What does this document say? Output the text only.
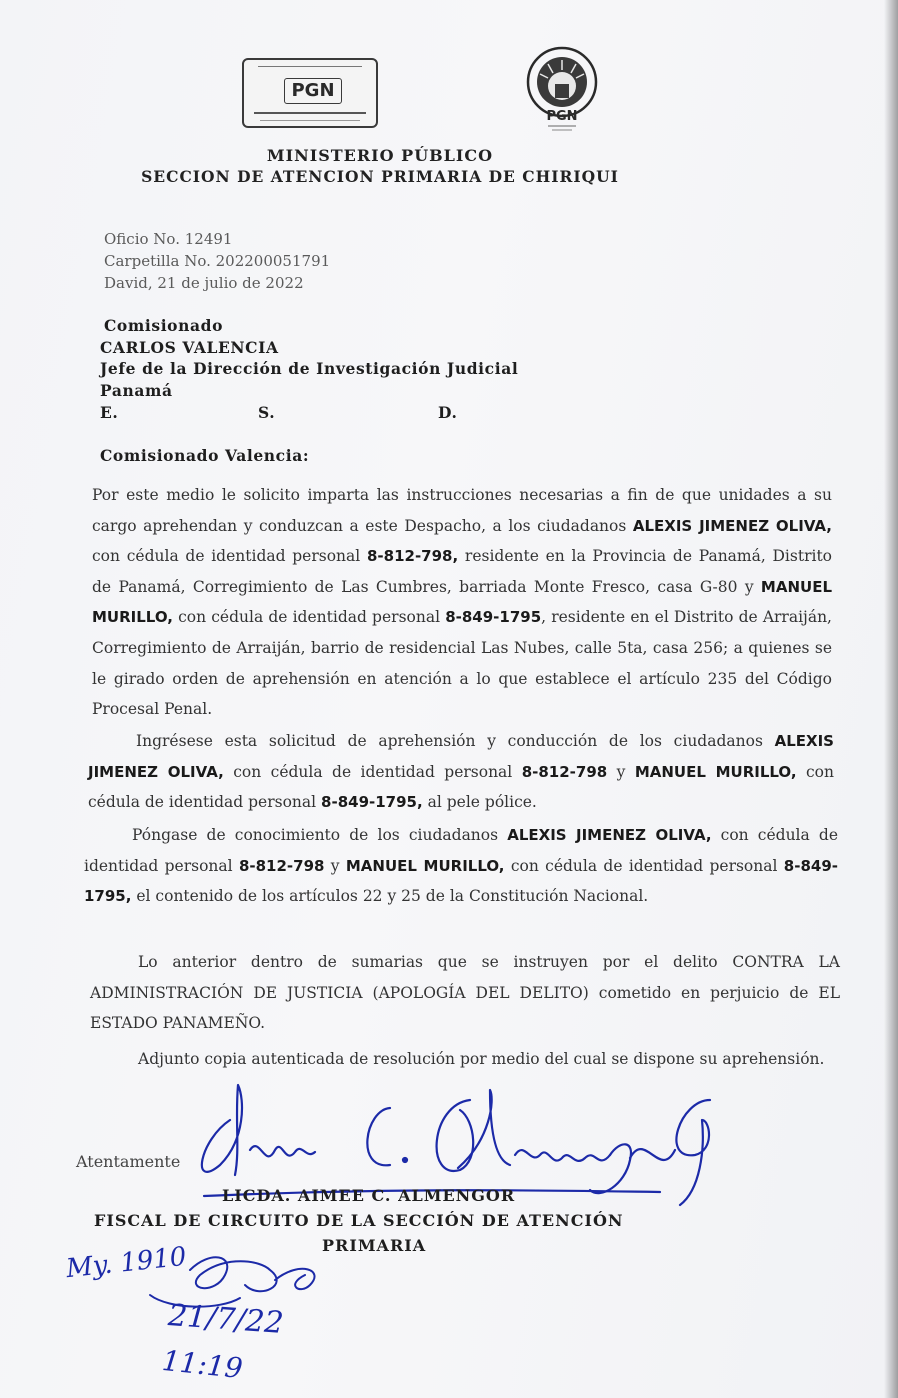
PGN
PGN
MINISTERIO PÚBLICO
SECCION DE ATENCION PRIMARIA DE CHIRIQUI
Oficio No. 12491
Carpetilla No. 202200051791
David, 21 de julio de 2022
Comisionado
CARLOS VALENCIA
Jefe de la Dirección de Investigación Judicial
Panamá
E.	S.	D.
Comisionado Valencia:
Por este medio le solicito imparta las instrucciones necesarias a fin de que unidades a su cargo aprehendan y conduzcan a este Despacho, a los ciudadanos ALEXIS JIMENEZ OLIVA, con cédula de identidad personal 8-812-798, residente en la Provincia de Panamá, Distrito de Panamá, Corregimiento de Las Cumbres, barriada Monte Fresco, casa G-80 y MANUEL MURILLO, con cédula de identidad personal 8-849-1795, residente en el Distrito de Arraiján, Corregimiento de Arraiján, barrio de residencial Las Nubes, calle 5ta, casa 256; a quienes se le girado orden de aprehensión en atención a lo que establece el artículo 235 del Código Procesal Penal.
Ingrésese esta solicitud de aprehensión y conducción de los ciudadanos ALEXIS JIMENEZ OLIVA, con cédula de identidad personal 8-812-798 y MANUEL MURILLO, con cédula de identidad personal 8-849-1795, al pele pólice.
Póngase de conocimiento de los ciudadanos ALEXIS JIMENEZ OLIVA, con cédula de identidad personal 8-812-798 y MANUEL MURILLO, con cédula de identidad personal 8-849-1795, el contenido de los artículos 22 y 25 de la Constitución Nacional.
Lo anterior dentro de sumarias que se instruyen por el delito CONTRA LA ADMINISTRACIÓN DE JUSTICIA (APOLOGÍA DEL DELITO) cometido en perjuicio de EL ESTADO PANAMEÑO.
Adjunto copia autenticada de resolución por medio del cual se dispone su aprehensión.
Atentamente
LICDA. AIMEE C. ALMENGOR
FISCAL DE CIRCUITO DE LA SECCIÓN DE ATENCIÓN
PRIMARIA
My. 1910
21/7/22
11:19
